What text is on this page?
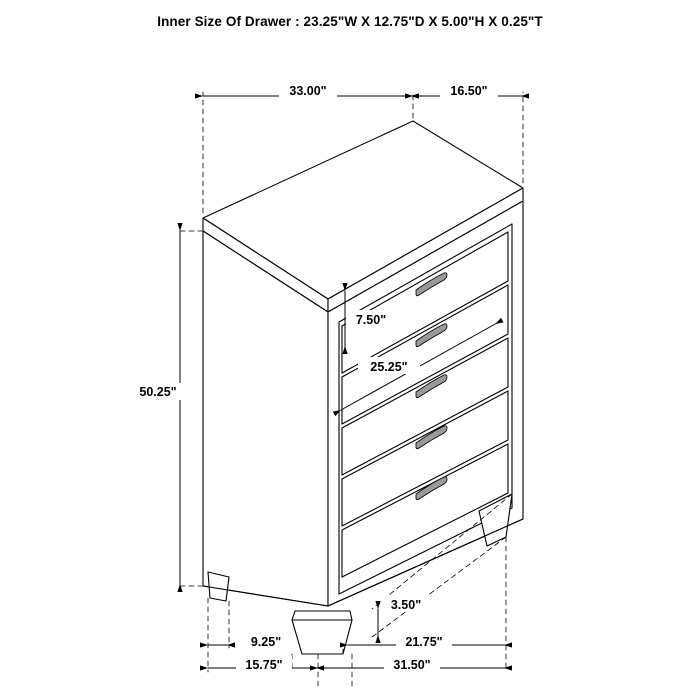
Inner Size Of Drawer : 23.25"W X 12.75"D X 5.00"H X 0.25"T
33.00"	16.50"
50.25"
7.50"
25.25"
3.50"
9.25"	21.75"
15.75"	31.50"
